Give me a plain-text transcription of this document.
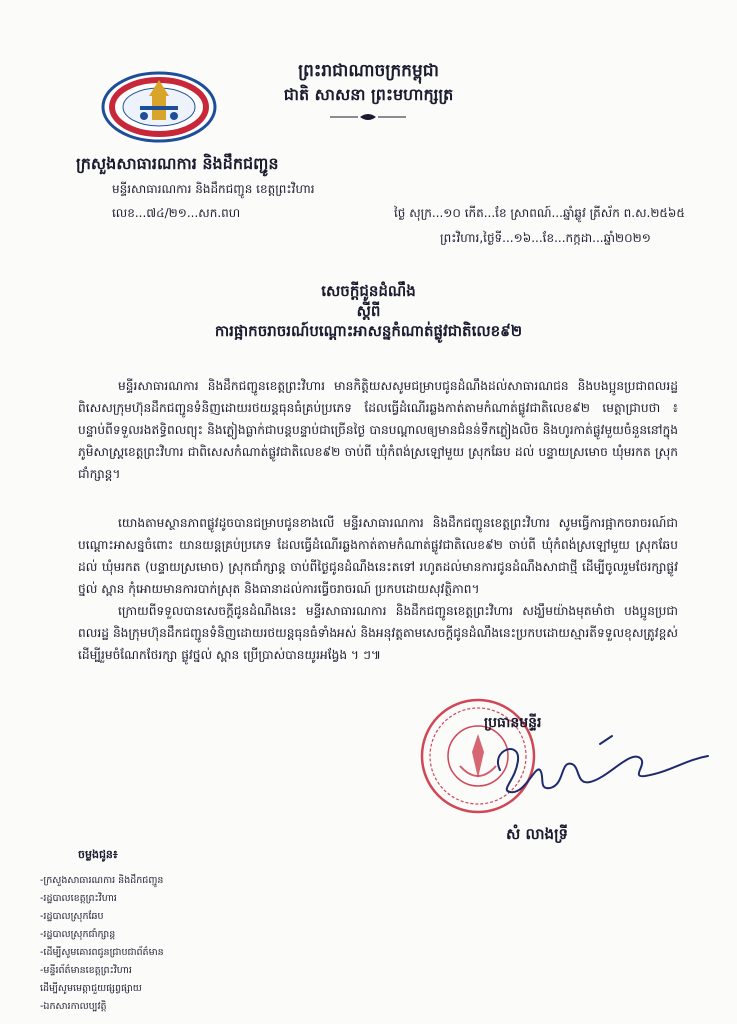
ព្រះរាជាណាចក្រកម្ពុជា
ជាតិ សាសនា ព្រះមហាក្សត្រ
ក្រសួងសាធារណការ និងដឹកជញ្ជូន
មន្ទីរសាធារណការ និងដឹកជញ្ជូន ខេត្តព្រះវិហារ
លេខ...៧៤/២១...សក.ពហ	ថ្ងៃ សុក្រ...១០ កេីត...ខែ ស្រាពណ៍...ឆ្នាំឆ្លូវ ត្រីស័ក ព.ស.២៥៦៥
ព្រះវិហារ,ថ្ងៃទី...១៦...ខែ...កក្កដា...ឆ្នាំ២០២១
សេចក្តីជូនដំណឹង
ស្តីពី
ការផ្អាកចរាចរណ៍បណ្តោះអាសន្នកំណាត់ផ្លូវជាតិលេខ៩២
មន្ទីរសាធារណការ និងដឹកជញ្ជូនខេត្តព្រះវិហារ មានកិត្តិយសសូមជម្រាបជូនដំណឹងដល់សាធារណជន និងបងប្អូនប្រជាពលរដ្ឋ ពិសេសក្រុមហ៊ុនដឹកជញ្ជូនទំនិញដោយរថយន្តធុនធំគ្រប់ប្រភេទ ដែលធ្វើដំណើរឆ្លងកាត់តាមកំណាត់ផ្លូវជាតិលេខ៩២ មេត្តាជ្រាបថា ៖ បន្ទាប់ពីទទួលរងឥទ្ធិពលព្យុះ និងភ្លៀងធ្លាក់ជាបន្តបន្ទាប់ជាច្រើនថ្ងៃ បានបណ្តាលឲ្យមានជំនន់ទឹកភ្លៀងលិច និងហូរកាត់ផ្លូវមួយចំនួននៅក្នុងភូមិសាស្ត្រខេត្តព្រះវិហារ ជាពិសេសកំណាត់ផ្លូវជាតិលេខ៩២ ចាប់ពី ឃុំកំពង់ស្រឡៅមួយ ស្រុកឆែប ដល់ បន្ទាយស្រមោច ឃុំមរកត ស្រុកជាំក្សាន្ត។
យោងតាមស្ថានភាពផ្លូវដូចបានជម្រាបជូនខាងលើ មន្ទីរសាធារណការ និងដឹកជញ្ជូនខេត្តព្រះវិហារ សូមធ្វើការផ្អាកចរាចរណ៍ជាបណ្តោះអាសន្នចំពោះ យានយន្តគ្រប់ប្រភេទ ដែលធ្វើដំណើរឆ្លងកាត់តាមកំណាត់ផ្លូវជាតិលេខ៩២ ចាប់ពី ឃុំកំពង់ស្រឡៅមួយ ស្រុកឆែប ដល់ ឃុំមរកត (បន្ទាយស្រមោច) ស្រុកជាំក្សាន្ត ចាប់ពីថ្ងៃជូនដំណឹងនេះតទៅ រហូតដល់មានការជូនដំណឹងសាជាថ្មី ដើម្បីចូលរួមថែរក្សាផ្លូវថ្នល់ ស្ពាន កុំអោយមានការបាក់ស្រុត និងធានាដល់ការធ្វើចរាចរណ៍ ប្រកបដោយសុវត្ថិភាព។
ក្រោយពីទទួលបានសេចក្តីជូនដំណឹងនេះ មន្ទីរសាធារណការ និងដឹកជញ្ជូនខេត្តព្រះវិហារ សង្ឃឹមយ៉ាងមុតមាំថា បងប្អូនប្រជាពលរដ្ឋ និងក្រុមហ៊ុនដឹកជញ្ជូនទំនិញដោយរថយន្តធុនធំទាំងអស់ និងអនុវត្តតាមសេចក្តីជូនដំណឹងនេះប្រកបដោយស្មារតីទទួលខុសត្រូវខ្ពស់ ដើម្បីរួមចំណែកថែរក្សា ផ្លូវថ្នល់ ស្ពាន ប្រើប្រាស់បានយូរអង្វែង ។ ៗ៕
ប្រធានមន្ទីរ
សំ លាងទ្រី
ចម្លងជូន៖
-ក្រសួងសាធារណការ និងដឹកជញ្ជូន
-រដ្ឋបាលខេត្តព្រះវិហារ
-រដ្ឋបាលស្រុកឆែប
-រដ្ឋបាលស្រុកជាំក្សាន្ត
-ដើម្បីសូមគោរពជូនជ្រាបជាព័ត៌មាន
-មន្ទីរព័ត៌មានខេត្តព្រះវិហារ
ដើម្បីសូមមេត្តាជួយផ្សព្វផ្សាយ
-ឯកសារកាលប្បវត្តិ
